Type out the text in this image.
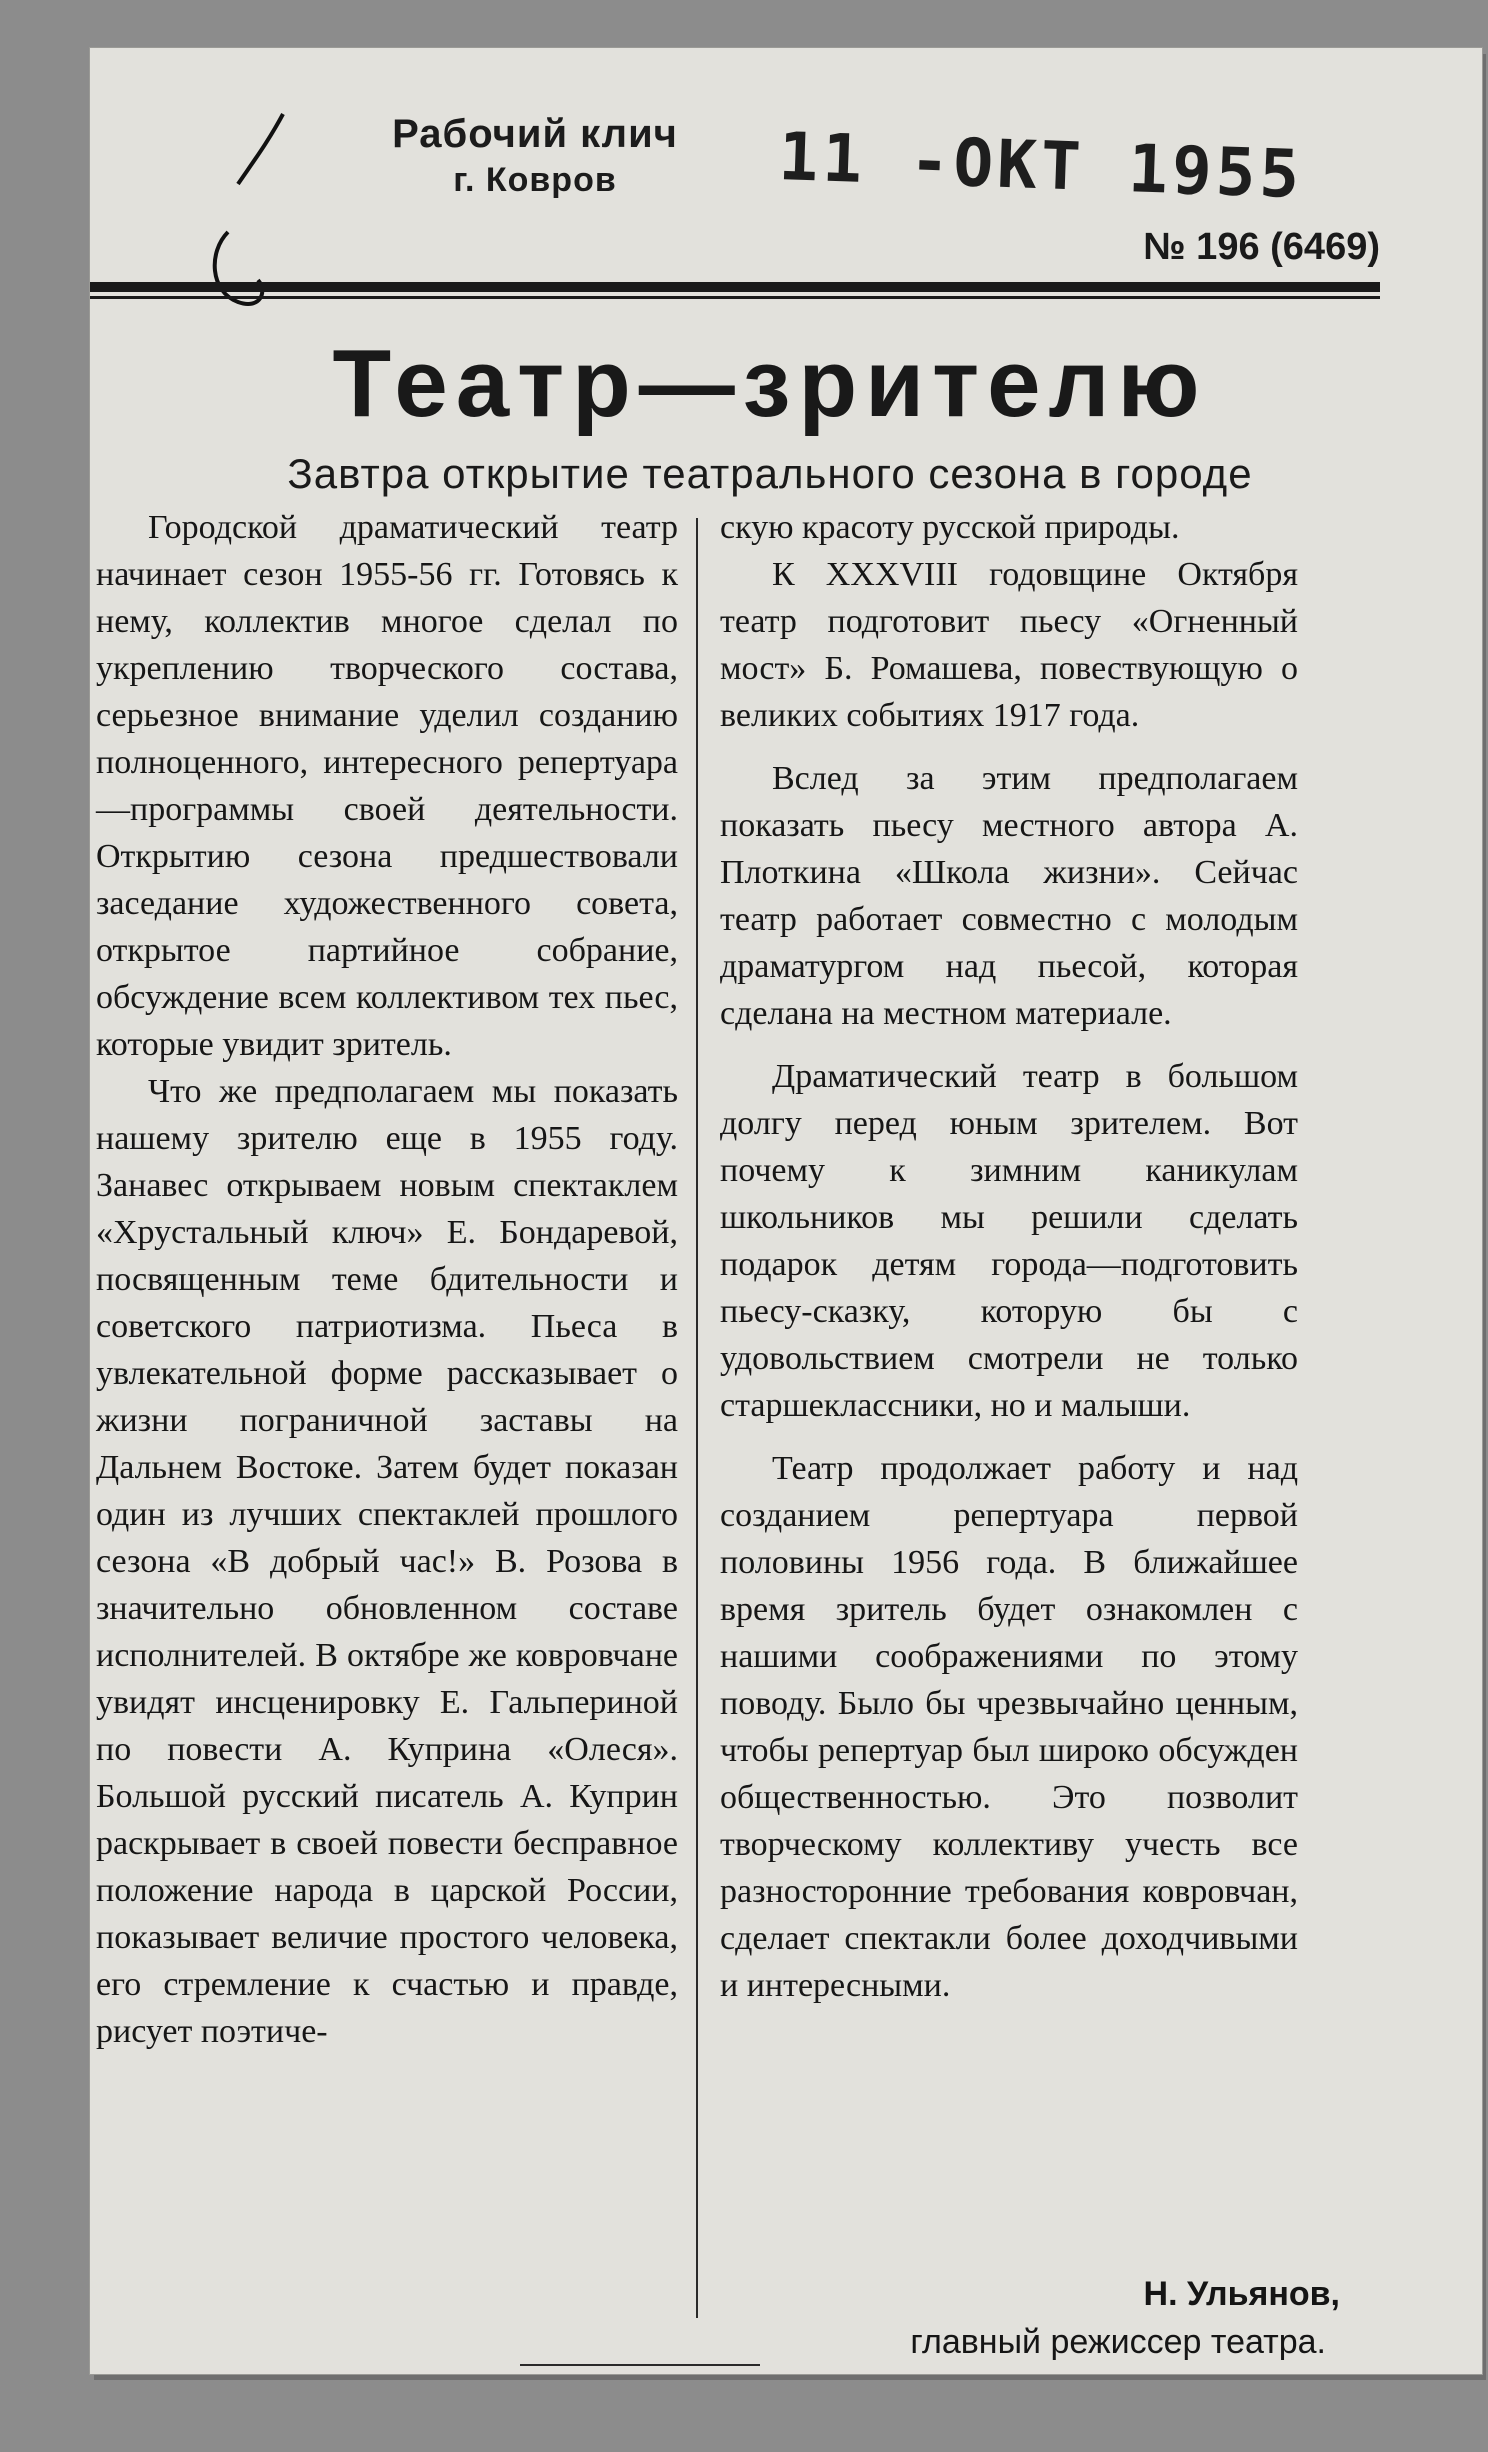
Рабочий клич
г. Ковров	11 -ОКТ 1955
№ 196 (6469)
Театр—зрителю
Завтра открытие театрального сезона в городе

Городской драматический театр начинает сезон 1955-56 гг. Готовясь к нему, коллектив многое сделал по укреплению творческого состава, серьезное внимание уделил созданию полноценного, интересного репертуара—программы своей деятельности. Открытию сезона предшествовали заседание художественного совета, открытое партийное собрание, обсуждение всем коллективом тех пьес, которые увидит зритель.

Что же предполагаем мы показать нашему зрителю еще в 1955 году. Занавес открываем новым спектаклем «Хрустальный ключ» Е. Бондаревой, посвященным теме бдительности и советского патриотизма. Пьеса в увлекательной форме рассказывает о жизни пограничной заставы на Дальнем Востоке. Затем будет показан один из лучших спектаклей прошлого сезона «В добрый час!» В. Розова в значительно обновленном составе исполнителей. В октябре же ковровчане увидят инсценировку Е. Гальпериной по повести А. Куприна «Олеся». Большой русский писатель А. Куприн раскрывает в своей повести бесправное положение народа в царской России, показывает величие простого человека, его стремление к счастью и правде, рисует поэтиче-

скую красоту русской природы.

К XXXVIII годовщине Октября театр подготовит пьесу «Огненный мост» Б. Ромашева, повествующую о великих событиях 1917 года.

Вслед за этим предполагаем показать пьесу местного автора А. Плоткина «Школа жизни». Сейчас театр работает совместно с молодым драматургом над пьесой, которая сделана на местном материале.

Драматический театр в большом долгу перед юным зрителем. Вот почему к зимним каникулам школьников мы решили сделать подарок детям города—подготовить пьесу-сказку, которую бы с удовольствием смотрели не только старшеклассники, но и малыши.

Театр продолжает работу и над созданием репертуара первой половины 1956 года. В ближайшее время зритель будет ознакомлен с нашими соображениями по этому поводу. Было бы чрезвычайно ценным, чтобы репертуар был широко обсужден общественностью. Это позволит творческому коллективу учесть все разносторонние требования ковровчан, сделает спектакли более доходчивыми и интересными.

Н. Ульянов,
главный режиссер театра.
